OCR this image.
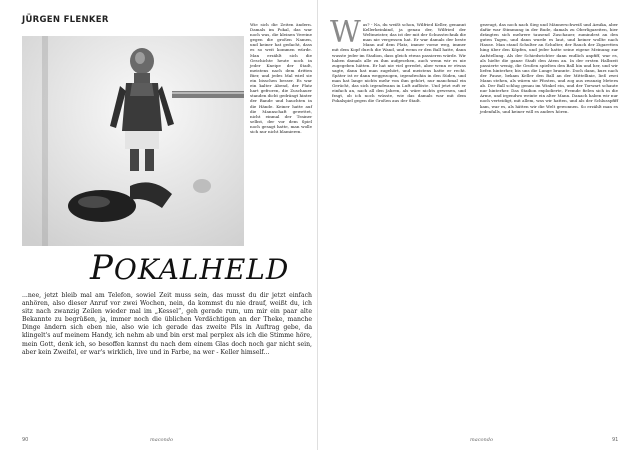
JÜRGEN FLENKER
POKALHELD
Wie sich die Zeiten ändern. Damals im Pokal, das war noch was, die kleinen Vereine gegen die großen Namen, und keiner hat gedacht, dass es so weit kommen würde. Man erzählt sich die Geschichte heute noch in jeder Kneipe der Stadt, meistens nach dem dritten Bier, und jedes Mal wird sie ein bisschen besser. Es war ein kalter Abend, der Platz hart gefroren, die Zuschauer standen dicht gedrängt hinter der Bande und hauchten in die Hände. Keiner hatte auf die Mannschaft gewettet, nicht einmal der Trainer selbst, der vor dem Spiel noch gesagt hatte, man wolle sich nur nicht blamieren.
...nee, jetzt bleib mal am Telefon, sowiel Zeit muss sein, das musst du dir jetzt einfach anhören, also dieser Anruf vor zwei Wochen, nein, da kommst du nie drauf, weißt du, ich sitz nach zwanzig Zeilen wieder mal im „Kessel“, geh gerade rum, um mir ein paar alte Bekannte zu begrüßen, ja, immer noch die üblichen Verdächtigen an der Theke, manche Dinge ändern sich eben nie, also wie ich gerade das zweite Pils in Auftrag gebe, da klingelt's auf meinem Handy, ich nehm ab und bin erst mal perplex als ich die Stimme höre, mein Gott, denk ich, so besoffen kannst du nach dem einem Glas doch noch gar nicht sein, aber kein Zweifel, er war's wirklich, live und in Farbe, na wer - Keller himself...
90	macondo
Was? - Na, du weißt schon, Wilfried Keller, genannt Kellerkeinkind, ja genau der, Wilfried der Weltmeister, das ist der mit der Schusstechnik die man nie vergessen hat. Er war damals der beste Mann auf dem Platz, immer vorne weg, immer mit dem Kopf durch die Wand, und wenn er den Ball hatte, dann wusste jeder im Stadion, dass gleich etwas passieren würde. Wir haben damals alle zu ihm aufgesehen, auch wenn wir es nie zugegeben hätten. Er hat nie viel geredet, aber wenn er etwas sagte, dann hat man zugehört, und meistens hatte er recht. Später ist er dann weggezogen, irgendwohin in den Süden, und man hat lange nichts mehr von ihm gehört, nur manchmal ein Gerücht, das sich irgendwann in Luft auflöste. Und jetzt ruft er einfach an, nach all den Jahren, als wäre nichts gewesen, und fragt, ob ich noch wüsste, wie das damals war mit dem Pokalspiel gegen die Großen aus der Stadt.
gezeugt, das noch nach Sieg und Männerschweiß und Arnika, aber dafür war Stimmung in der Bude, damals zu Oberligazeiten, hier drängten sich mehrere tausend Zuschauer, zumindest an den guten Tagen, und dann wurde es laut, und keiner wollte nach Hause. Man stand Schulter an Schulter, der Rauch der Zigaretten hing über den Köpfen, und jeder hatte seine eigene Meinung zur Aufstellung. Als der Schiedsrichter dann endlich anpfiff, war es, als hielte die ganze Stadt den Atem an. In der ersten Halbzeit passierte wenig, die Großen spielten den Ball hin und her, und wir liefen hinterher, bis uns die Lunge brannte. Doch dann, kurz nach der Pause, bekam Keller den Ball an der Mittellinie, ließ zwei Mann stehen, als wären sie Pfosten, und zog aus zwanzig Metern ab. Der Ball schlug genau im Winkel ein, und der Torwart schaute nur hinterher. Das Stadion explodierte, Fremde fielen sich in die Arme, und irgendwo weinte ein alter Mann. Danach haben wir nur noch verteidigt, mit allem, was wir hatten, und als der Schlusspfiff kam, war es, als hätten wir die Welt gewonnen. So erzählt man es jedenfalls, und keiner will es anders hören.
macondo	91
